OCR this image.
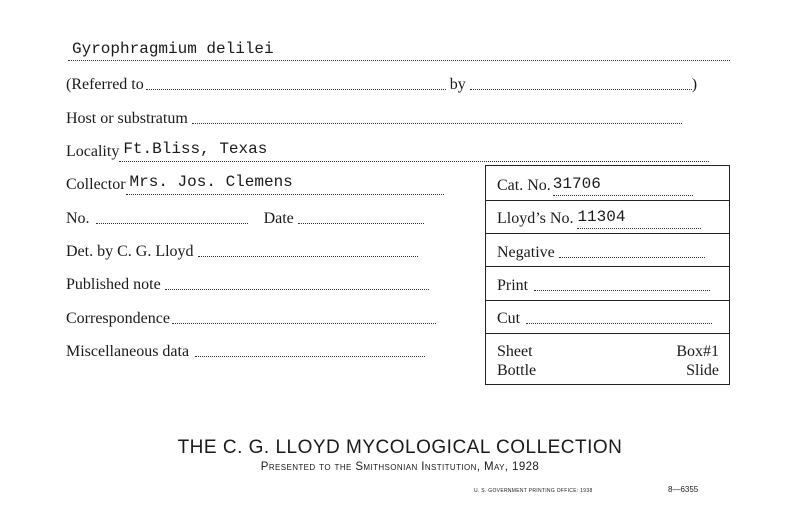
Gyrophragmium delilei
(Referred to	by	)
Host or substratum
Locality Ft.Bliss, Texas
Collector Mrs. Jos. Clemens
No.	Date
Det. by C. G. Lloyd
Published note
Correspondence
Miscellaneous data
Cat. No. 31706
Lloyd’s No. 11304
Negative
Print
Cut
Sheet	Box#1
Bottle	Slide
THE C. G. LLOYD MYCOLOGICAL COLLECTION
Presented to the Smithsonian Institution, May, 1928
U. S. GOVERNMENT PRINTING OFFICE: 1938	8—6355
